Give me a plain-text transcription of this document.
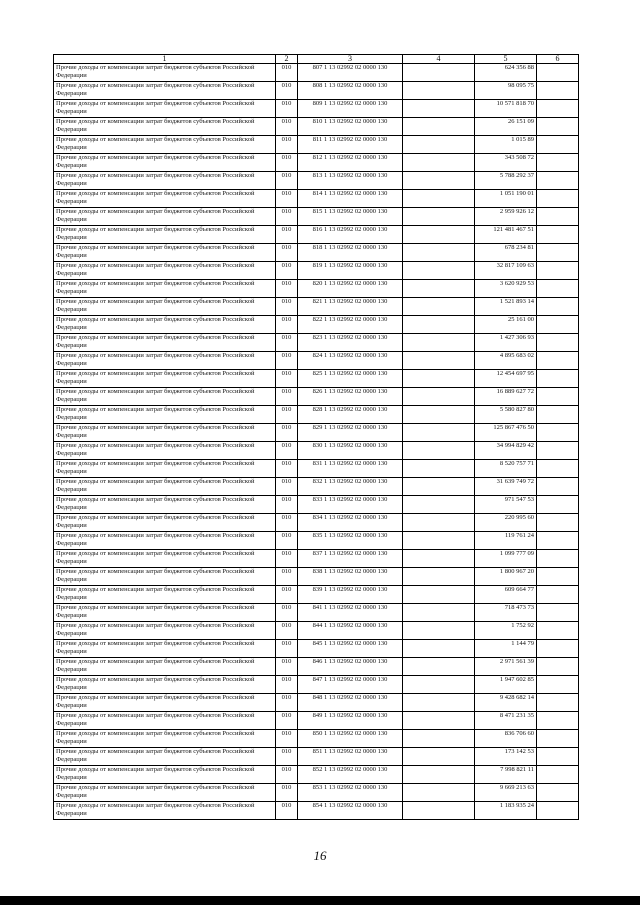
1	2	3	4	5	6
Прочие доходы от компенсации затрат бюджетов субъектов Российской Федерации	010	807 1 13 02992 02 0000 130		624 356 88	
Прочие доходы от компенсации затрат бюджетов субъектов Российской Федерации	010	808 1 13 02992 02 0000 130		98 095 75	
Прочие доходы от компенсации затрат бюджетов субъектов Российской Федерации	010	809 1 13 02992 02 0000 130		10 571 818 70	
Прочие доходы от компенсации затрат бюджетов субъектов Российской Федерации	010	810 1 13 02992 02 0000 130		26 151 09	
Прочие доходы от компенсации затрат бюджетов субъектов Российской Федерации	010	811 1 13 02992 02 0000 130		1 015 89	
Прочие доходы от компенсации затрат бюджетов субъектов Российской Федерации	010	812 1 13 02992 02 0000 130		343 508 72	
Прочие доходы от компенсации затрат бюджетов субъектов Российской Федерации	010	813 1 13 02992 02 0000 130		5 788 292 37	
Прочие доходы от компенсации затрат бюджетов субъектов Российской Федерации	010	814 1 13 02992 02 0000 130		1 051 190 01	
Прочие доходы от компенсации затрат бюджетов субъектов Российской Федерации	010	815 1 13 02992 02 0000 130		2 959 926 12	
Прочие доходы от компенсации затрат бюджетов субъектов Российской Федерации	010	816 1 13 02992 02 0000 130		121 481 467 51	
Прочие доходы от компенсации затрат бюджетов субъектов Российской Федерации	010	818 1 13 02992 02 0000 130		678 234 81	
Прочие доходы от компенсации затрат бюджетов субъектов Российской Федерации	010	819 1 13 02992 02 0000 130		32 817 109 63	
Прочие доходы от компенсации затрат бюджетов субъектов Российской Федерации	010	820 1 13 02992 02 0000 130		3 620 929 53	
Прочие доходы от компенсации затрат бюджетов субъектов Российской Федерации	010	821 1 13 02992 02 0000 130		1 521 893 14	
Прочие доходы от компенсации затрат бюджетов субъектов Российской Федерации	010	822 1 13 02992 02 0000 130		25 161 00	
Прочие доходы от компенсации затрат бюджетов субъектов Российской Федерации	010	823 1 13 02992 02 0000 130		1 427 306 93	
Прочие доходы от компенсации затрат бюджетов субъектов Российской Федерации	010	824 1 13 02992 02 0000 130		4 895 683 02	
Прочие доходы от компенсации затрат бюджетов субъектов Российской Федерации	010	825 1 13 02992 02 0000 130		12 454 697 95	
Прочие доходы от компенсации затрат бюджетов субъектов Российской Федерации	010	826 1 13 02992 02 0000 130		16 889 627 72	
Прочие доходы от компенсации затрат бюджетов субъектов Российской Федерации	010	828 1 13 02992 02 0000 130		5 580 827 80	
Прочие доходы от компенсации затрат бюджетов субъектов Российской Федерации	010	829 1 13 02992 02 0000 130		125 867 476 50	
Прочие доходы от компенсации затрат бюджетов субъектов Российской Федерации	010	830 1 13 02992 02 0000 130		34 994 829 42	
Прочие доходы от компенсации затрат бюджетов субъектов Российской Федерации	010	831 1 13 02992 02 0000 130		8 520 757 71	
Прочие доходы от компенсации затрат бюджетов субъектов Российской Федерации	010	832 1 13 02992 02 0000 130		31 639 749 72	
Прочие доходы от компенсации затрат бюджетов субъектов Российской Федерации	010	833 1 13 02992 02 0000 130		971 547 53	
Прочие доходы от компенсации затрат бюджетов субъектов Российской Федерации	010	834 1 13 02992 02 0000 130		220 995 60	
Прочие доходы от компенсации затрат бюджетов субъектов Российской Федерации	010	835 1 13 02992 02 0000 130		119 761 24	
Прочие доходы от компенсации затрат бюджетов субъектов Российской Федерации	010	837 1 13 02992 02 0000 130		1 099 777 09	
Прочие доходы от компенсации затрат бюджетов субъектов Российской Федерации	010	838 1 13 02992 02 0000 130		1 800 967 20	
Прочие доходы от компенсации затрат бюджетов субъектов Российской Федерации	010	839 1 13 02992 02 0000 130		609 664 77	
Прочие доходы от компенсации затрат бюджетов субъектов Российской Федерации	010	841 1 13 02992 02 0000 130		718 473 73	
Прочие доходы от компенсации затрат бюджетов субъектов Российской Федерации	010	844 1 13 02992 02 0000 130		1 752 92	
Прочие доходы от компенсации затрат бюджетов субъектов Российской Федерации	010	845 1 13 02992 02 0000 130		1 144 79	
Прочие доходы от компенсации затрат бюджетов субъектов Российской Федерации	010	846 1 13 02992 02 0000 130		2 971 561 39	
Прочие доходы от компенсации затрат бюджетов субъектов Российской Федерации	010	847 1 13 02992 02 0000 130		1 947 602 85	
Прочие доходы от компенсации затрат бюджетов субъектов Российской Федерации	010	848 1 13 02992 02 0000 130		9 428 682 14	
Прочие доходы от компенсации затрат бюджетов субъектов Российской Федерации	010	849 1 13 02992 02 0000 130		8 471 231 35	
Прочие доходы от компенсации затрат бюджетов субъектов Российской Федерации	010	850 1 13 02992 02 0000 130		836 706 60	
Прочие доходы от компенсации затрат бюджетов субъектов Российской Федерации	010	851 1 13 02992 02 0000 130		173 142 53	
Прочие доходы от компенсации затрат бюджетов субъектов Российской Федерации	010	852 1 13 02992 02 0000 130		7 998 821 11	
Прочие доходы от компенсации затрат бюджетов субъектов Российской Федерации	010	853 1 13 02992 02 0000 130		9 669 213 63	
Прочие доходы от компенсации затрат бюджетов субъектов Российской Федерации	010	854 1 13 02992 02 0000 130		1 183 935 24	
16
